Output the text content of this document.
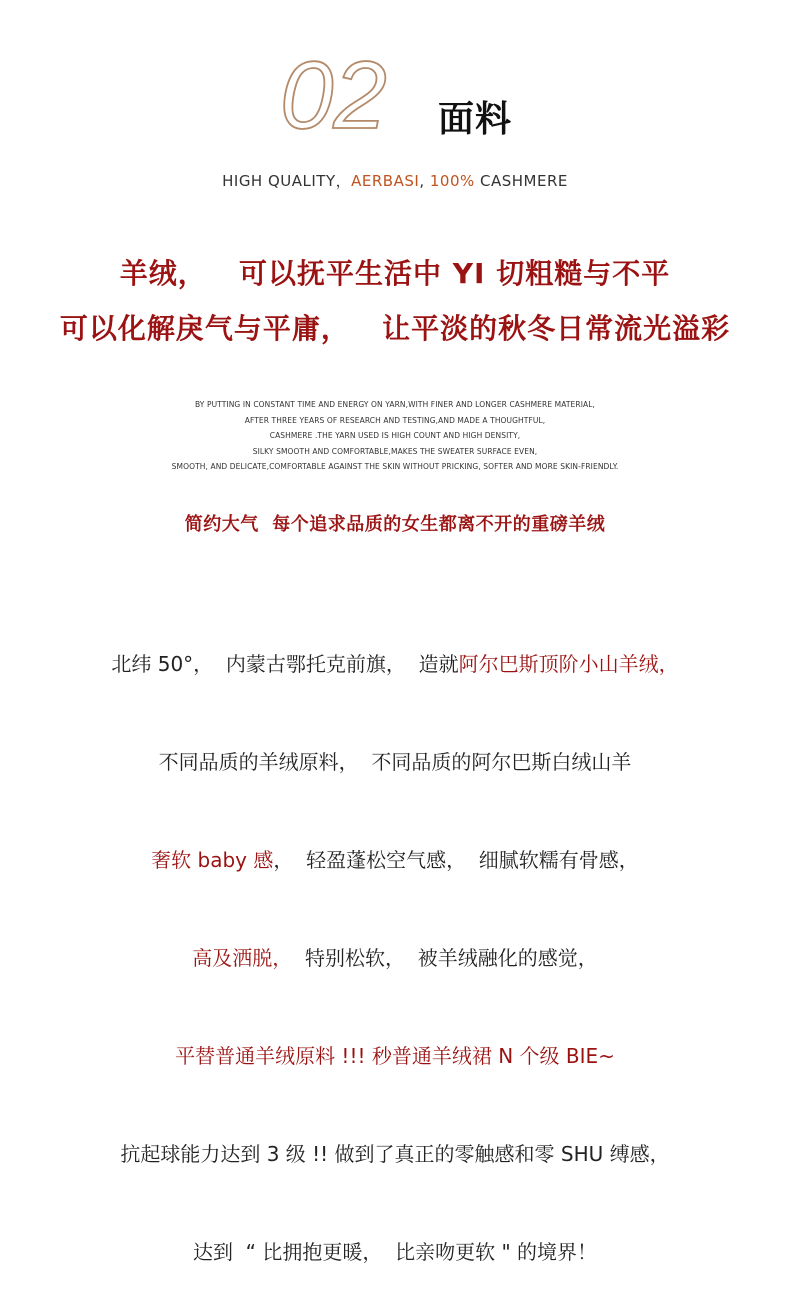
02 面料
HIGH QUALITY，AERBASI, 100% CASHMERE
羊绒，   可以抚平生活中 YI 切粗糙与不平
可以化解戾气与平庸，   让平淡的秋冬日常流光溢彩
BY PUTTING IN CONSTANT TIME AND ENERGY ON YARN,WITH FINER AND LONGER CASHMERE MATERIAL,
AFTER THREE YEARS OF RESEARCH AND TESTING,AND MADE A THOUGHTFUL,
CASHMERE .THE YARN USED IS HIGH COUNT AND HIGH DENSITY,
SILKY SMOOTH AND COMFORTABLE,MAKES THE SWEATER SURFACE EVEN,
SMOOTH, AND DELICATE,COMFORTABLE AGAINST THE SKIN WITHOUT PRICKING, SOFTER AND MORE SKIN-FRIENDLY.
简约大气  每个追求品质的女生都离不开的重磅羊绒

北纬 50°，  内蒙古鄂托克前旗，  造就阿尔巴斯顶阶小山羊绒，

不同品质的羊绒原料，  不同品质的阿尔巴斯白绒山羊

奢软 baby 感，  轻盈蓬松空气感，  细腻软糯有骨感，

高及洒脱，  特别松软，  被羊绒融化的感觉，

平替普通羊绒原料 !!! 秒普通羊绒裙 N 个级 BIE~

抗起球能力达到 3 级 !! 做到了真正的零触感和零 SHU 缚感，

达到  “ 比拥抱更暖，  比亲吻更软 " 的境界！
